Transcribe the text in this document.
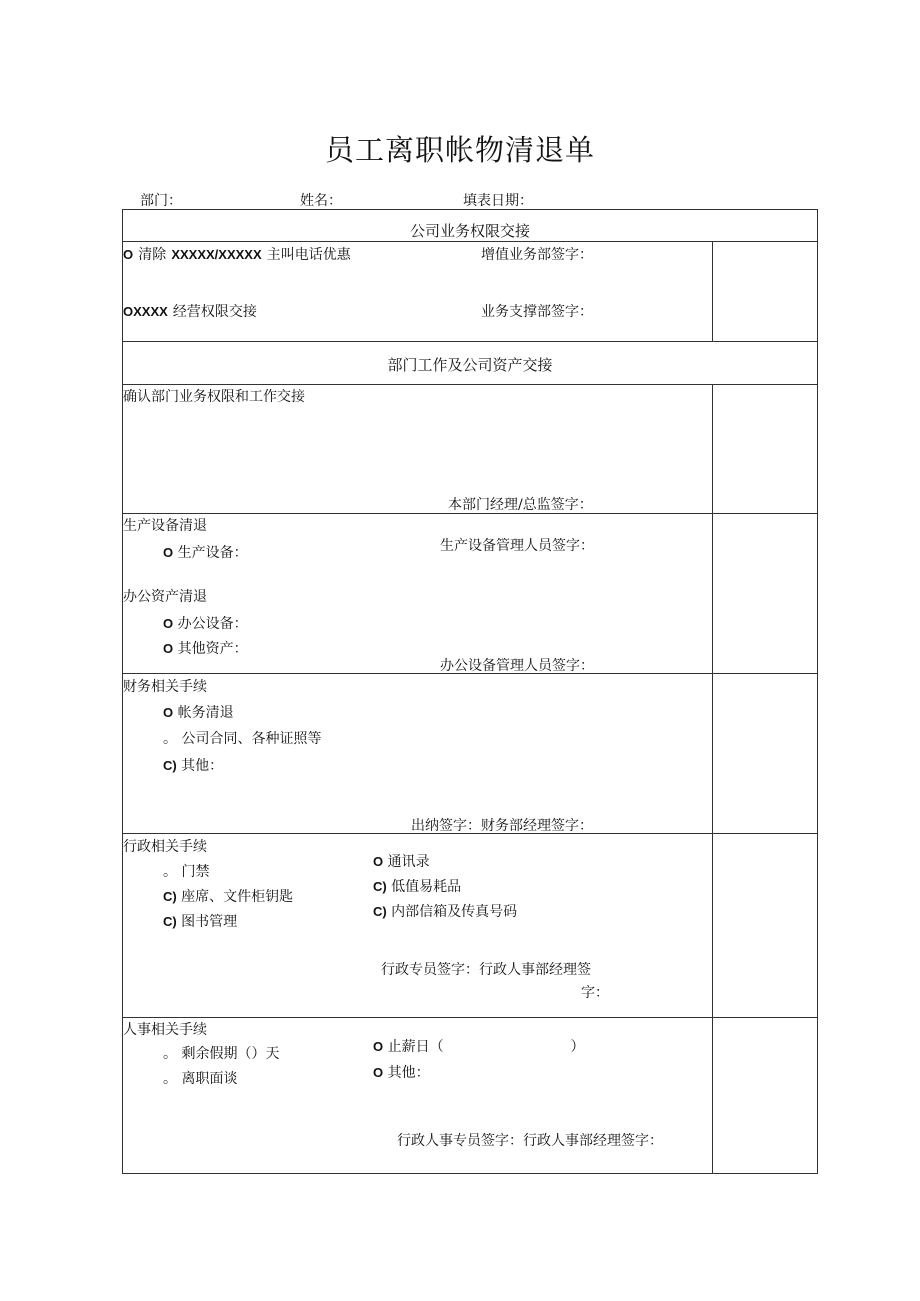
员工离职帐物清退单
部门：	姓名：	填表日期：
公司业务权限交接
O 清除 XXXXX/XXXXX 主叫电话优惠	增值业务部签字：
OXXXX 经营权限交接	业务支撑部签字：
部门工作及公司资产交接
确认部门业务权限和工作交接
本部门经理/总监签字：
生产设备清退
O 生产设备：	生产设备管理人员签字：
办公资产清退
O 办公设备：
O 其他资产：
办公设备管理人员签字：
财务相关手续
O 帐务清退
。 公司合同、各种证照等
C) 其他：
出纳签字：财务部经理签字：
行政相关手续
。 门禁
C) 座席、文件柜钥匙
C) 图书管理
O 通讯录
C) 低值易耗品
C) 内部信箱及传真号码
行政专员签字：行政人事部经理签
字：
人事相关手续
。 剩余假期（）天
。 离职面谈
O 止薪日（	）
O 其他：
行政人事专员签字：行政人事部经理签字：
